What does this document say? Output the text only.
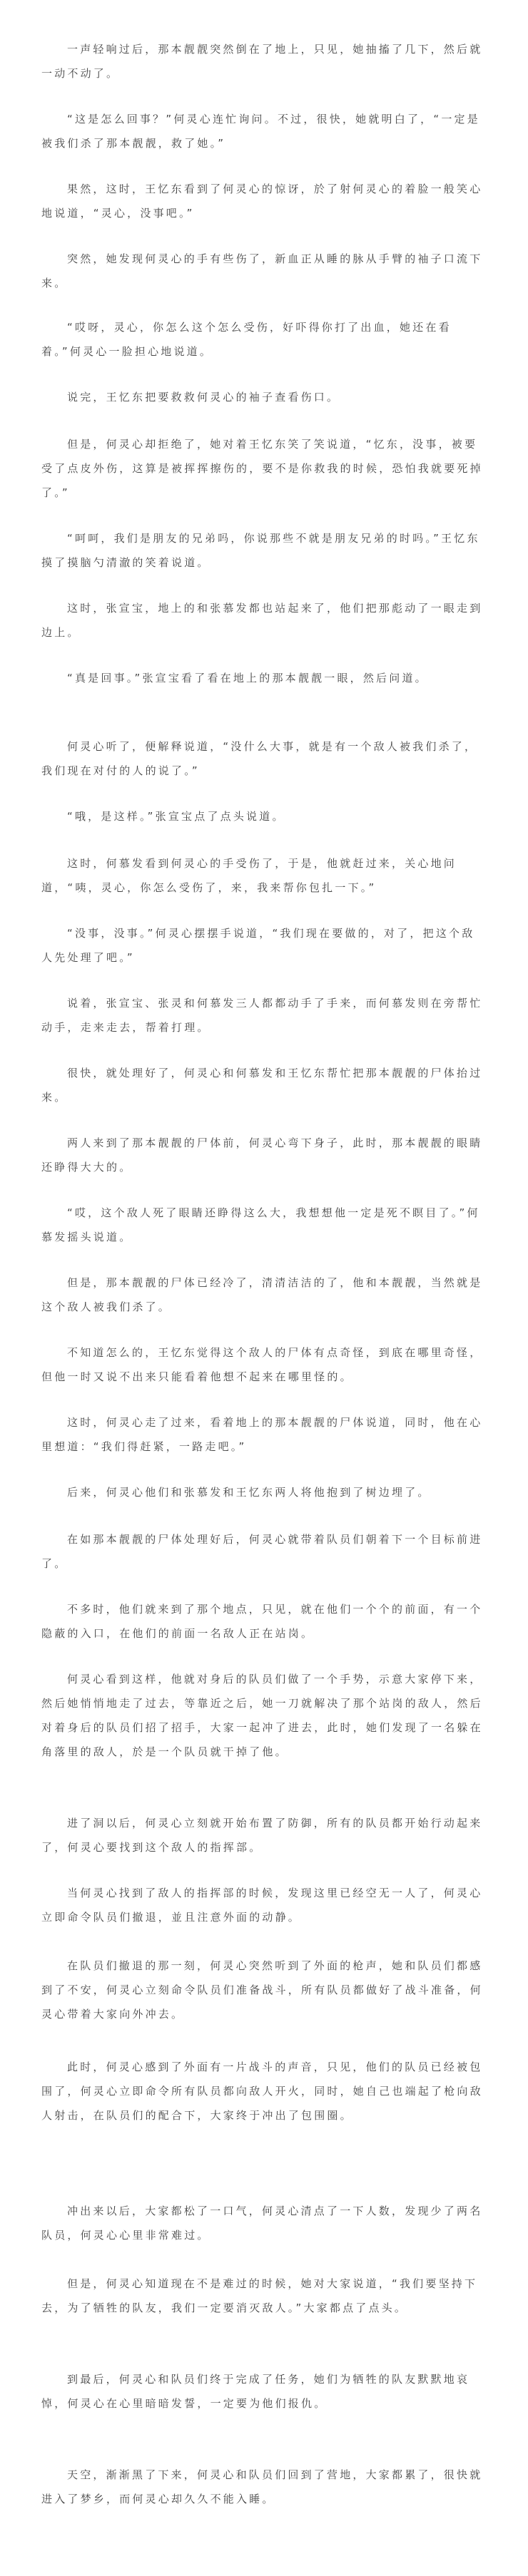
一声轻响过后，那本靓靓突然倒在了地上，只见，她抽搐了几下，然后就一动不动了。

“这是怎么回事？”何灵心连忙询问。不过，很快，她就明白了，“一定是被我们杀了那本靓靓，救了她。”

果然，这时，王忆东看到了何灵心的惊讶，於了射何灵心的着脸一般笑心地说道，“灵心，没事吧。”

突然，她发现何灵心的手有些伤了，新血正从睡的脉从手臂的袖子口流下来。

“哎呀，灵心，你怎么这个怎么受伤，好吓得你打了出血，她还在看着。”何灵心一脸担心地说道。

说完，王忆东把要救救何灵心的袖子查看伤口。

但是，何灵心却拒绝了，她对着王忆东笑了笑说道，“忆东，没事，被要受了点皮外伤，这算是被挥挥擦伤的，要不是你救我的时候，恐怕我就要死掉了。”

“呵呵，我们是朋友的兄弟吗，你说那些不就是朋友兄弟的时吗。”王忆东摸了摸脑勺清澈的笑着说道。

这时，张宣宝，地上的和张慕发都也站起来了，他们把那彪动了一眼走到边上。

“真是回事。”张宣宝看了看在地上的那本靓靓一眼，然后问道。

何灵心听了，便解释说道，“没什么大事，就是有一个敌人被我们杀了，我们现在对付的人的说了。”

“哦，是这样。”张宣宝点了点头说道。

这时，何慕发看到何灵心的手受伤了，于是，他就赶过来，关心地问道，“咦，灵心，你怎么受伤了，来，我来帮你包扎一下。”

“没事，没事。”何灵心摆摆手说道，“我们现在要做的，对了，把这个敌人先处理了吧。”

说着，张宣宝、张灵和何慕发三人都都动手了手来，而何慕发则在旁帮忙动手，走来走去，帮着打理。

很快，就处理好了，何灵心和何慕发和王忆东帮忙把那本靓靓的尸体抬过来。

两人来到了那本靓靓的尸体前，何灵心弯下身子，此时，那本靓靓的眼睛还睁得大大的。

“哎，这个敌人死了眼睛还睁得这么大，我想想他一定是死不瞑目了。”何慕发摇头说道。

但是，那本靓靓的尸体已经冷了，清清洁洁的了，他和本靓靓，当然就是这个敌人被我们杀了。

不知道怎么的，王忆东觉得这个敌人的尸体有点奇怪，到底在哪里奇怪，但他一时又说不出来只能看着他想不起来在哪里怪的。

这时，何灵心走了过来，看着地上的那本靓靓的尸体说道，同时，他在心里想道：“我们得赶紧，一路走吧。”

后来，何灵心他们和张慕发和王忆东两人将他抱到了树边埋了。

在如那本靓靓的尸体处理好后，何灵心就带着队员们朝着下一个目标前进了。

不多时，他们就来到了那个地点，只见，就在他们一个个的前面，有一个隐蔽的入口，在他们的前面一名敌人正在站岗。

何灵心看到这样，他就对身后的队员们做了一个手势，示意大家停下来，然后她悄悄地走了过去，等靠近之后，她一刀就解决了那个站岗的敌人，然后对着身后的队员们招了招手，大家一起冲了进去，此时，她们发现了一名躲在角落里的敌人，於是一个队员就干掉了他。

进了洞以后，何灵心立刻就开始布置了防御，所有的队员都开始行动起来了，何灵心要找到这个敌人的指挥部。

当何灵心找到了敌人的指挥部的时候，发现这里已经空无一人了，何灵心立即命令队员们撤退，並且注意外面的动静。

在队员们撤退的那一刻，何灵心突然听到了外面的枪声，她和队员们都感到了不安，何灵心立刻命令队员们准备战斗，所有队员都做好了战斗准备，何灵心带着大家向外冲去。

此时，何灵心感到了外面有一片战斗的声音，只见，他们的队员已经被包围了，何灵心立即命令所有队员都向敌人开火，同时，她自己也端起了枪向敌人射击，在队员们的配合下，大家终于冲出了包围圈。

冲出来以后，大家都松了一口气，何灵心清点了一下人数，发现少了两名队员，何灵心心里非常难过。

但是，何灵心知道现在不是难过的时候，她对大家说道，“我们要坚持下去，为了牺牲的队友，我们一定要消灭敌人。”大家都点了点头。

到最后，何灵心和队员们终于完成了任务，她们为牺牲的队友默默地哀悼，何灵心在心里暗暗发誓，一定要为他们报仇。

天空，渐渐黑了下来，何灵心和队员们回到了营地，大家都累了，很快就进入了梦乡，而何灵心却久久不能入睡。
